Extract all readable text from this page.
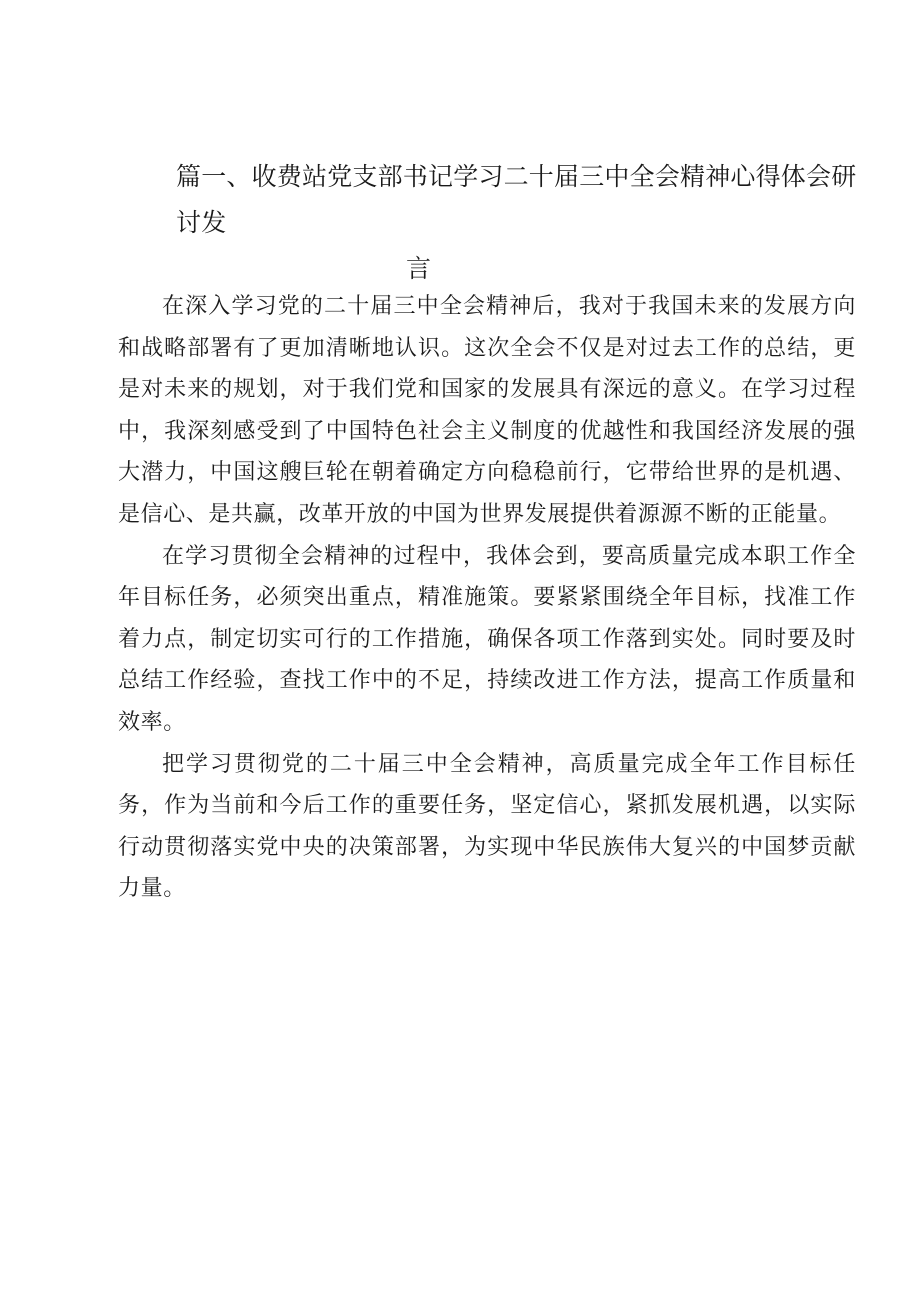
篇一、收费站党支部书记学习二十届三中全会精神心得体会研讨发
言

在深入学习党的二十届三中全会精神后，我对于我国未来的发展方向和战略部署有了更加清晰地认识。这次全会不仅是对过去工作的总结，更是对未来的规划，对于我们党和国家的发展具有深远的意义。在学习过程中，我深刻感受到了中国特色社会主义制度的优越性和我国经济发展的强大潜力，中国这艘巨轮在朝着确定方向稳稳前行，它带给世界的是机遇、是信心、是共赢，改革开放的中国为世界发展提供着源源不断的正能量。

在学习贯彻全会精神的过程中，我体会到，要高质量完成本职工作全年目标任务，必须突出重点，精准施策。要紧紧围绕全年目标，找准工作着力点，制定切实可行的工作措施，确保各项工作落到实处。同时要及时总结工作经验，查找工作中的不足，持续改进工作方法，提高工作质量和效率。

把学习贯彻党的二十届三中全会精神，高质量完成全年工作目标任务，作为当前和今后工作的重要任务，坚定信心，紧抓发展机遇，以实际行动贯彻落实党中央的决策部署，为实现中华民族伟大复兴的中国梦贡献力量。
